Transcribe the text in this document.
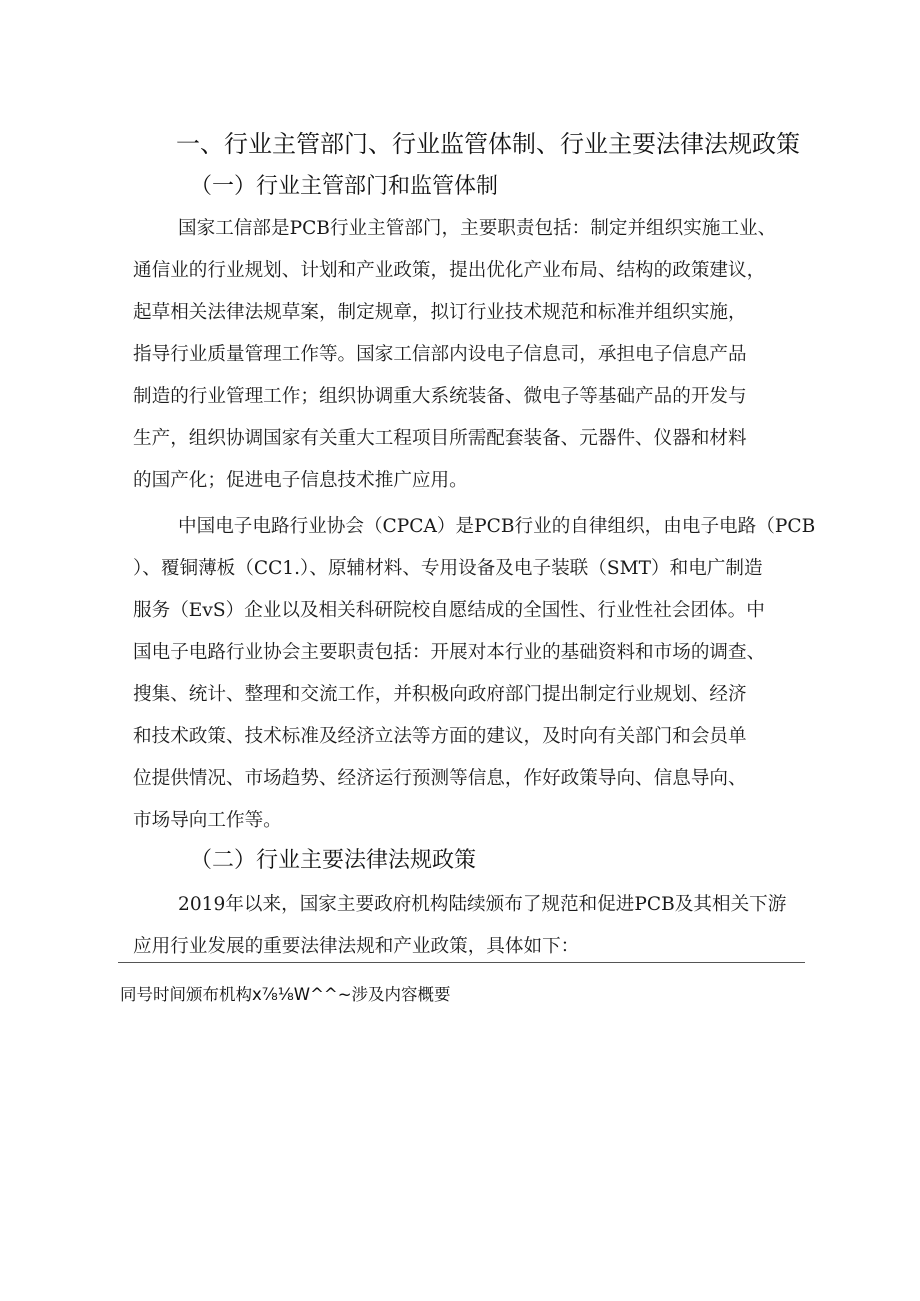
一、行业主管部门、行业监管体制、行业主要法律法规政策
（一）行业主管部门和监管体制
国家工信部是PCB行业主管部门，主要职责包括：制定并组织实施工业、
通信业的行业规划、计划和产业政策，提出优化产业布局、结构的政策建议，
起草相关法律法规草案，制定规章，拟订行业技术规范和标准并组织实施，
指导行业质量管理工作等。国家工信部内设电子信息司，承担电子信息产品
制造的行业管理工作；组织协调重大系统装备、微电子等基础产品的开发与
生产，组织协调国家有关重大工程项目所需配套装备、元器件、仪器和材料
的国产化；促进电子信息技术推广应用。
中国电子电路行业协会（CPCA）是PCB行业的自律组织，由电子电路（PCB
）、覆铜薄板（CC1.）、原辅材料、专用设备及电子装联（SMT）和电广制造
服务（EvS）企业以及相关科研院校自愿结成的全国性、行业性社会团体。中
国电子电路行业协会主要职责包括：开展对本行业的基础资料和市场的调查、
搜集、统计、整理和交流工作，并积极向政府部门提出制定行业规划、经济
和技术政策、技术标准及经济立法等方面的建议，及时向有关部门和会员单
位提供情况、市场趋势、经济运行预测等信息，作好政策导向、信息导向、
市场导向工作等。
（二）行业主要法律法规政策
2019年以来，国家主要政府机构陆续颁布了规范和促进PCB及其相关下游
应用行业发展的重要法律法规和产业政策，具体如下：
同号时间颁布机构x⅞⅛W^^~涉及内容概要
